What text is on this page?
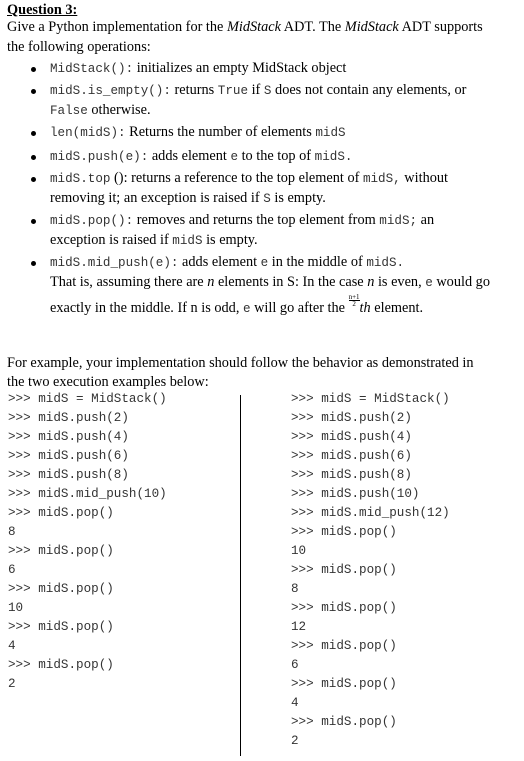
Question 3:
Give a Python implementation for the MidStack ADT. The MidStack ADT supports
the following operations:
MidStack(): initializes an empty MidStack object
midS.is_empty(): returns True if S does not contain any elements, or
False otherwise.
len(midS): Returns the number of elements midS
midS.push(e): adds element e to the top of midS.
midS.top (): returns a reference to the top element of midS, without
removing it; an exception is raised if S is empty.
midS.pop(): removes and returns the top element from midS; an
exception is raised if midS is empty.
midS.mid_push(e): adds element e in the middle of midS.
That is, assuming there are n elements in S: In the case n is even, e would go
exactly in the middle. If n is odd, e will go after the $\frac{n+1}{2}$ th element.
For example, your implementation should follow the behavior as demonstrated in
the two execution examples below:
>>> midS = MidStack()
>>> midS.push(2)
>>> midS.push(4)
>>> midS.push(6)
>>> midS.push(8)
>>> midS.mid_push(10)
>>> midS.pop()
8
>>> midS.pop()
6
>>> midS.pop()
10
>>> midS.pop()
4
>>> midS.pop()
2
>>> midS = MidStack()
>>> midS.push(2)
>>> midS.push(4)
>>> midS.push(6)
>>> midS.push(8)
>>> midS.push(10)
>>> midS.mid_push(12)
>>> midS.pop()
10
>>> midS.pop()
8
>>> midS.pop()
12
>>> midS.pop()
6
>>> midS.pop()
4
>>> midS.pop()
2
